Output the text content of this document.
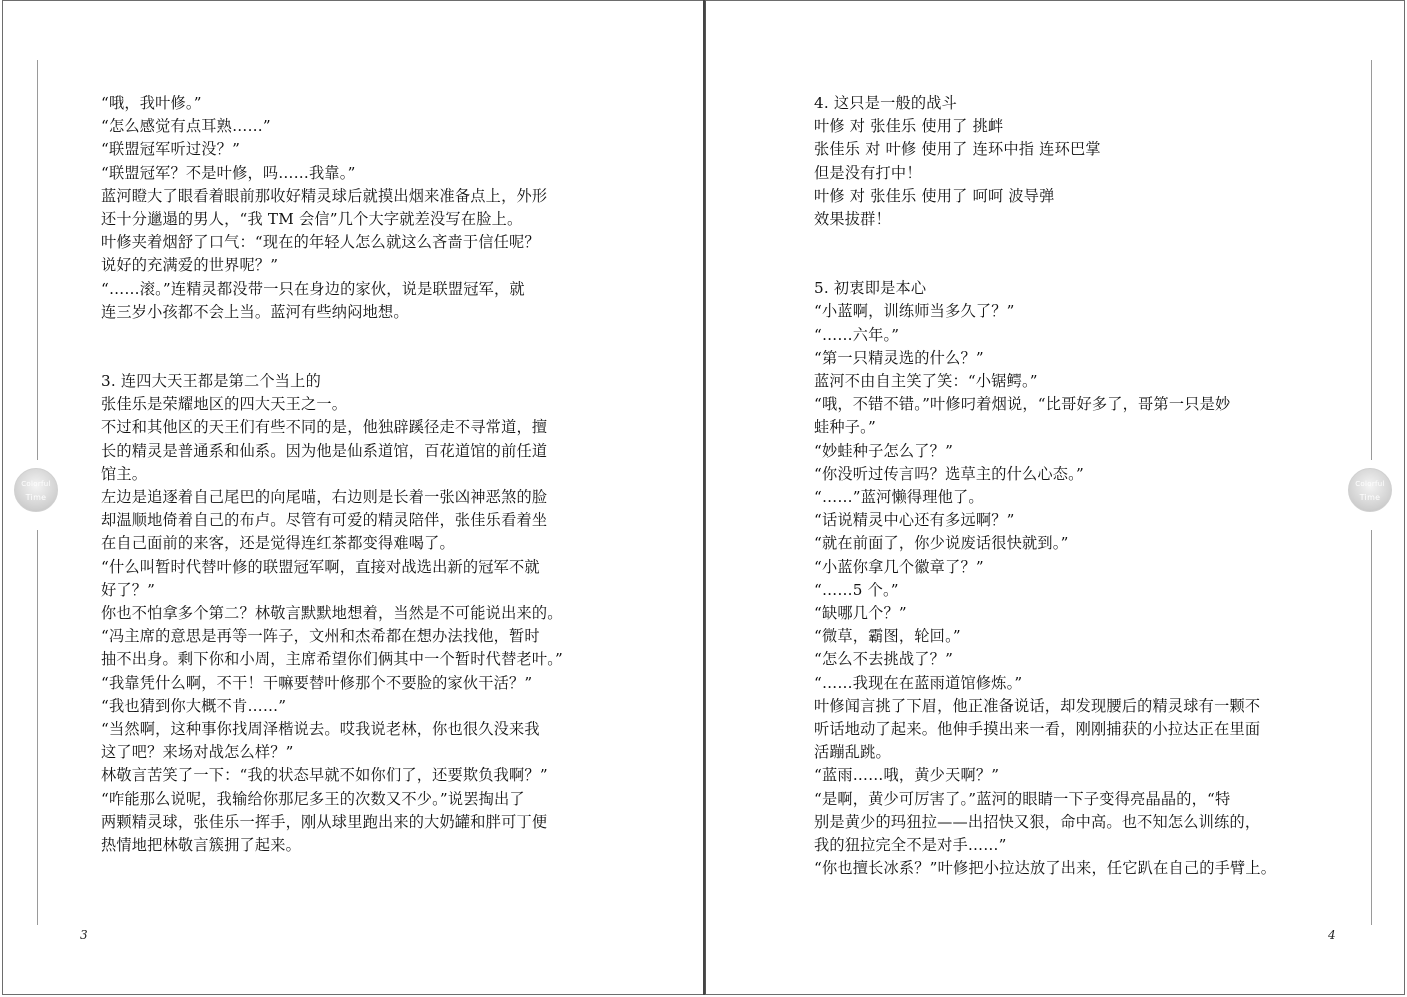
Colorful
Time
Colorful
Time

“哦，我叶修。”

“怎么感觉有点耳熟……”

“联盟冠军听过没？”

“联盟冠军？不是叶修，吗……我靠。”

蓝河瞪大了眼看着眼前那收好精灵球后就摸出烟来准备点上，外形

还十分邋遢的男人，“我 TM 会信”几个大字就差没写在脸上。

叶修夹着烟舒了口气：“现在的年轻人怎么就这么吝啬于信任呢？

说好的充满爱的世界呢？”

“……滚。”连精灵都没带一只在身边的家伙，说是联盟冠军，就

连三岁小孩都不会上当。蓝河有些纳闷地想。

3. 连四大天王都是第二个当上的

张佳乐是荣耀地区的四大天王之一。

不过和其他区的天王们有些不同的是，他独辟蹊径走不寻常道，擅

长的精灵是普通系和仙系。因为他是仙系道馆，百花道馆的前任道

馆主。

左边是追逐着自己尾巴的向尾喵，右边则是长着一张凶神恶煞的脸

却温顺地倚着自己的布卢。尽管有可爱的精灵陪伴，张佳乐看着坐

在自己面前的来客，还是觉得连红茶都变得难喝了。

“什么叫暂时代替叶修的联盟冠军啊，直接对战选出新的冠军不就

好了？”

你也不怕拿多个第二？林敬言默默地想着，当然是不可能说出来的。

“冯主席的意思是再等一阵子，文州和杰希都在想办法找他，暂时

抽不出身。剩下你和小周，主席希望你们俩其中一个暂时代替老叶。”

“我靠凭什么啊，不干！干嘛要替叶修那个不要脸的家伙干活？”

“我也猜到你大概不肯……”

“当然啊，这种事你找周泽楷说去。哎我说老林，你也很久没来我

这了吧？来场对战怎么样？”

林敬言苦笑了一下：“我的状态早就不如你们了，还要欺负我啊？”

“咋能那么说呢，我输给你那尼多王的次数又不少。”说罢掏出了

两颗精灵球，张佳乐一挥手，刚从球里跑出来的大奶罐和胖可丁便

热情地把林敬言簇拥了起来。

4. 这只是一般的战斗

叶修 对 张佳乐 使用了 挑衅

张佳乐 对 叶修 使用了 连环中指 连环巴掌

但是没有打中！

叶修 对 张佳乐 使用了 呵呵 波导弹

效果拔群！

5. 初衷即是本心

“小蓝啊，训练师当多久了？”

“……六年。”

“第一只精灵选的什么？”

蓝河不由自主笑了笑：“小锯鳄。”

“哦，不错不错。”叶修叼着烟说，“比哥好多了，哥第一只是妙

蛙种子。”

“妙蛙种子怎么了？”

“你没听过传言吗？选草主的什么心态。”

“……”蓝河懒得理他了。

“话说精灵中心还有多远啊？”

“就在前面了，你少说废话很快就到。”

“小蓝你拿几个徽章了？”

“……5 个。”

“缺哪几个？”

“微草，霸图，轮回。”

“怎么不去挑战了？”

“……我现在在蓝雨道馆修炼。”

叶修闻言挑了下眉，他正准备说话，却发现腰后的精灵球有一颗不

听话地动了起来。他伸手摸出来一看，刚刚捕获的小拉达正在里面

活蹦乱跳。

“蓝雨……哦，黄少天啊？”

“是啊，黄少可厉害了。”蓝河的眼睛一下子变得亮晶晶的，“特

别是黄少的玛狃拉——出招快又狠，命中高。也不知怎么训练的，

我的狃拉完全不是对手……”

“你也擅长冰系？”叶修把小拉达放了出来，任它趴在自己的手臂上。

3	4
